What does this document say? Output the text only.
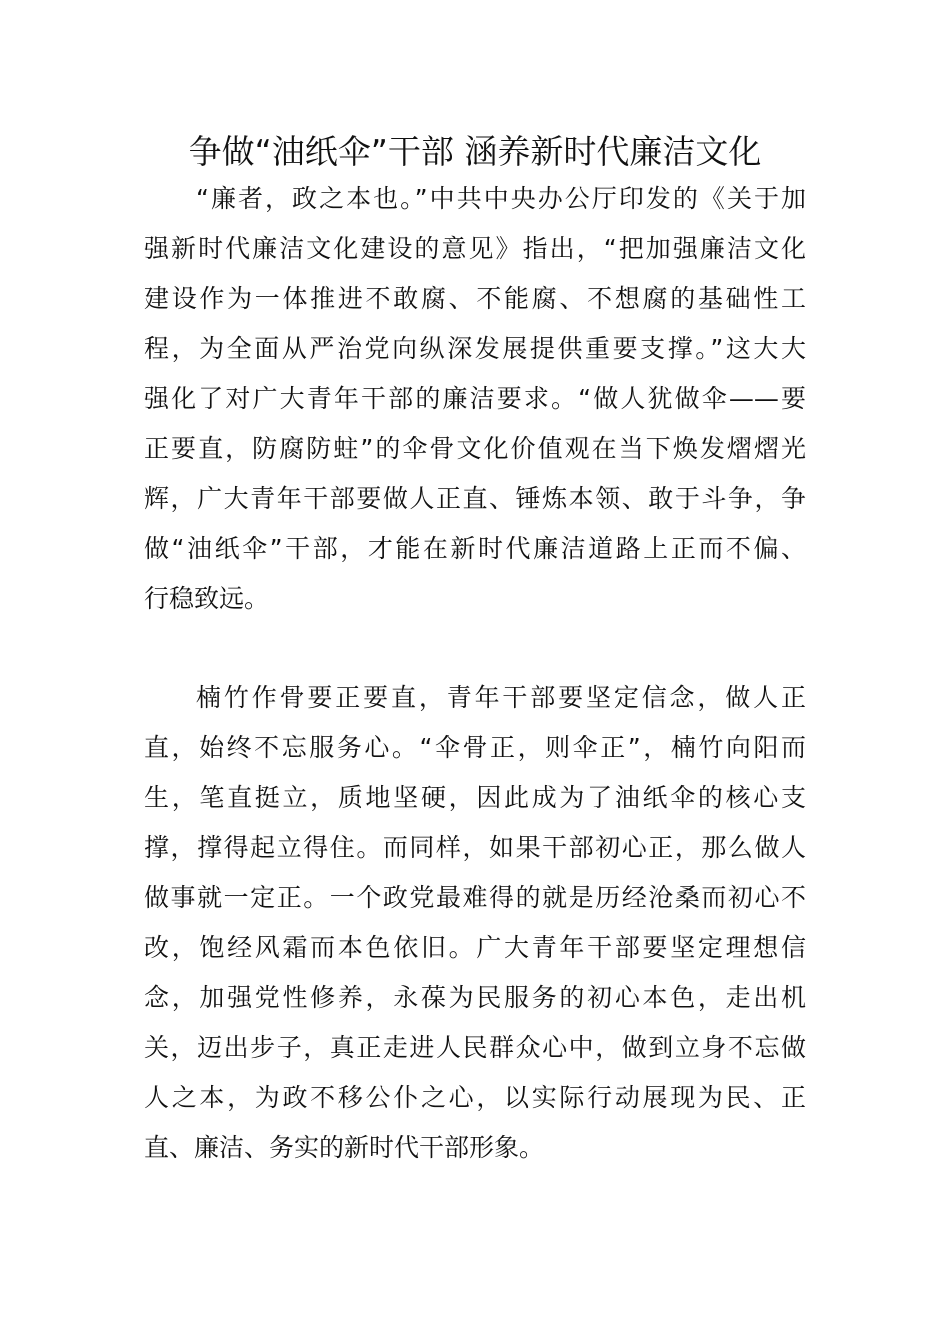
争做“油纸伞”干部 涵养新时代廉洁文化
“廉者，政之本也。”中共中央办公厅印发的《关于加
强新时代廉洁文化建设的意见》指出，“把加强廉洁文化
建设作为一体推进不敢腐、不能腐、不想腐的基础性工
程，为全面从严治党向纵深发展提供重要支撑。”这大大
强化了对广大青年干部的廉洁要求。“做人犹做伞——要
正要直，防腐防蛀”的伞骨文化价值观在当下焕发熠熠光
辉，广大青年干部要做人正直、锤炼本领、敢于斗争，争
做“油纸伞”干部，才能在新时代廉洁道路上正而不偏、
行稳致远。
楠竹作骨要正要直，青年干部要坚定信念，做人正
直，始终不忘服务心。“伞骨正，则伞正”，楠竹向阳而
生，笔直挺立，质地坚硬，因此成为了油纸伞的核心支
撑，撑得起立得住。而同样，如果干部初心正，那么做人
做事就一定正。一个政党最难得的就是历经沧桑而初心不
改，饱经风霜而本色依旧。广大青年干部要坚定理想信
念，加强党性修养，永葆为民服务的初心本色，走出机
关，迈出步子，真正走进人民群众心中，做到立身不忘做
人之本，为政不移公仆之心，以实际行动展现为民、正
直、廉洁、务实的新时代干部形象。
